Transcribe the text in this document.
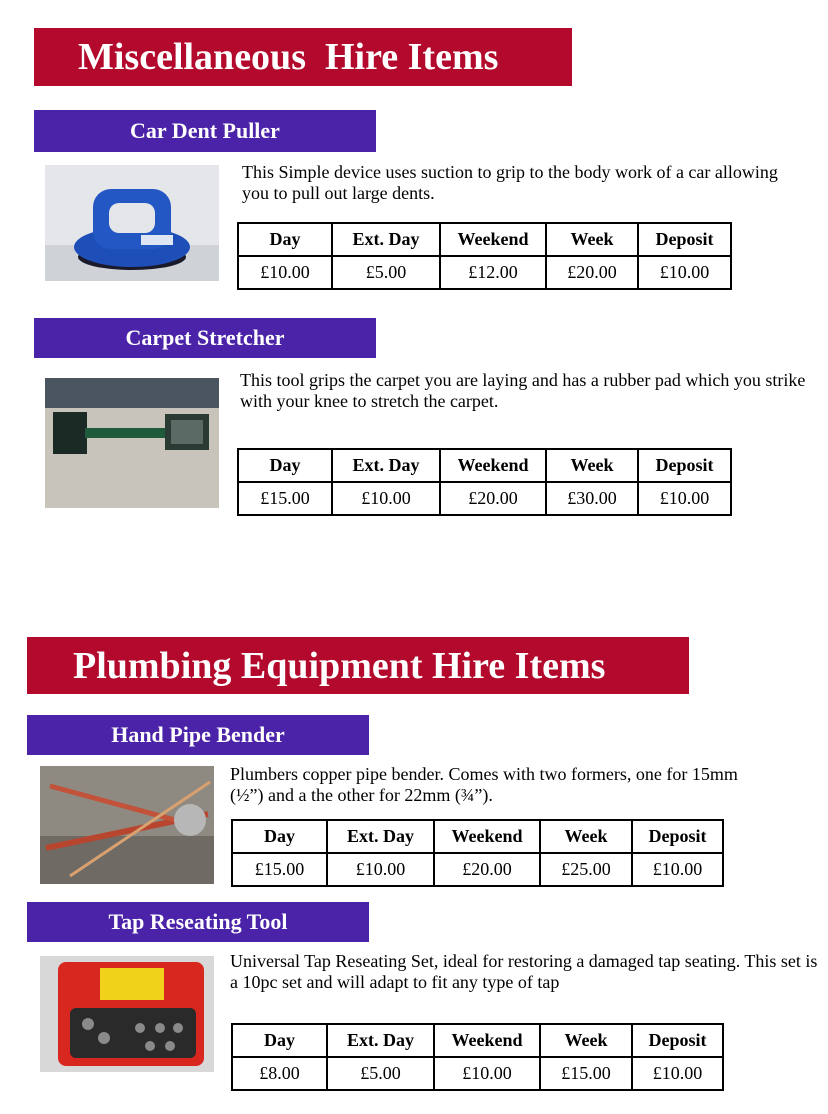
Miscellaneous  Hire Items
Car Dent Puller
This Simple device uses suction to grip to the body work of a car allowing you to pull out large dents.
Day	Ext. Day	Weekend	Week	Deposit
£10.00	£5.00	£12.00	£20.00	£10.00
Carpet Stretcher
This tool grips the carpet you are laying and has a rubber pad which you strike with your knee to stretch the carpet.
Day	Ext. Day	Weekend	Week	Deposit
£15.00	£10.00	£20.00	£30.00	£10.00
Plumbing Equipment Hire Items
Hand Pipe Bender
Plumbers copper pipe bender. Comes with two formers, one for 15mm (½”) and a the other for 22mm (¾”).
Day	Ext. Day	Weekend	Week	Deposit
£15.00	£10.00	£20.00	£25.00	£10.00
Tap Reseating Tool
Universal Tap Reseating Set, ideal for restoring a damaged tap seating. This set is a 10pc set and will adapt to fit any type of tap
Day	Ext. Day	Weekend	Week	Deposit
£8.00	£5.00	£10.00	£15.00	£10.00
